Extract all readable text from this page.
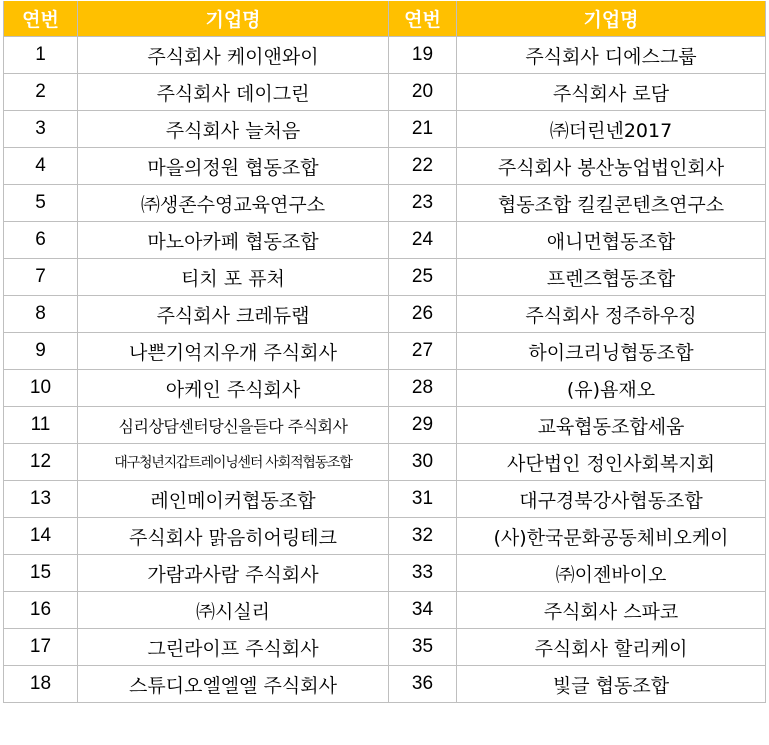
연번	기업명	연번	기업명
1	주식회사 케이앤와이	19	주식회사 디에스그룹
2	주식회사 데이그린	20	주식회사 로담
3	주식회사 늘처음	21	㈜더린넨2017
4	마을의정원 협동조합	22	주식회사 봉산농업법인회사
5	㈜생존수영교육연구소	23	협동조합 킬킬콘텐츠연구소
6	마노아카페 협동조합	24	애니먼협동조합
7	티치 포 퓨처	25	프렌즈협동조합
8	주식회사 크레듀랩	26	주식회사 정주하우징
9	나쁜기억지우개 주식회사	27	하이크리닝협동조합
10	아케인 주식회사	28	(유)욤재오
11	심리상담센터당신을듣다 주식회사	29	교육협동조합세움
12	대구청년지갑트레이닝센터 사회적협동조합	30	사단법인 정인사회복지회
13	레인메이커협동조합	31	대구경북강사협동조합
14	주식회사 맑음히어링테크	32	(사)한국문화공동체비오케이
15	가람과사람 주식회사	33	㈜이젠바이오
16	㈜시실리	34	주식회사 스파코
17	그린라이프 주식회사	35	주식회사 할리케이
18	스튜디오엘엘엘 주식회사	36	빛글 협동조합
